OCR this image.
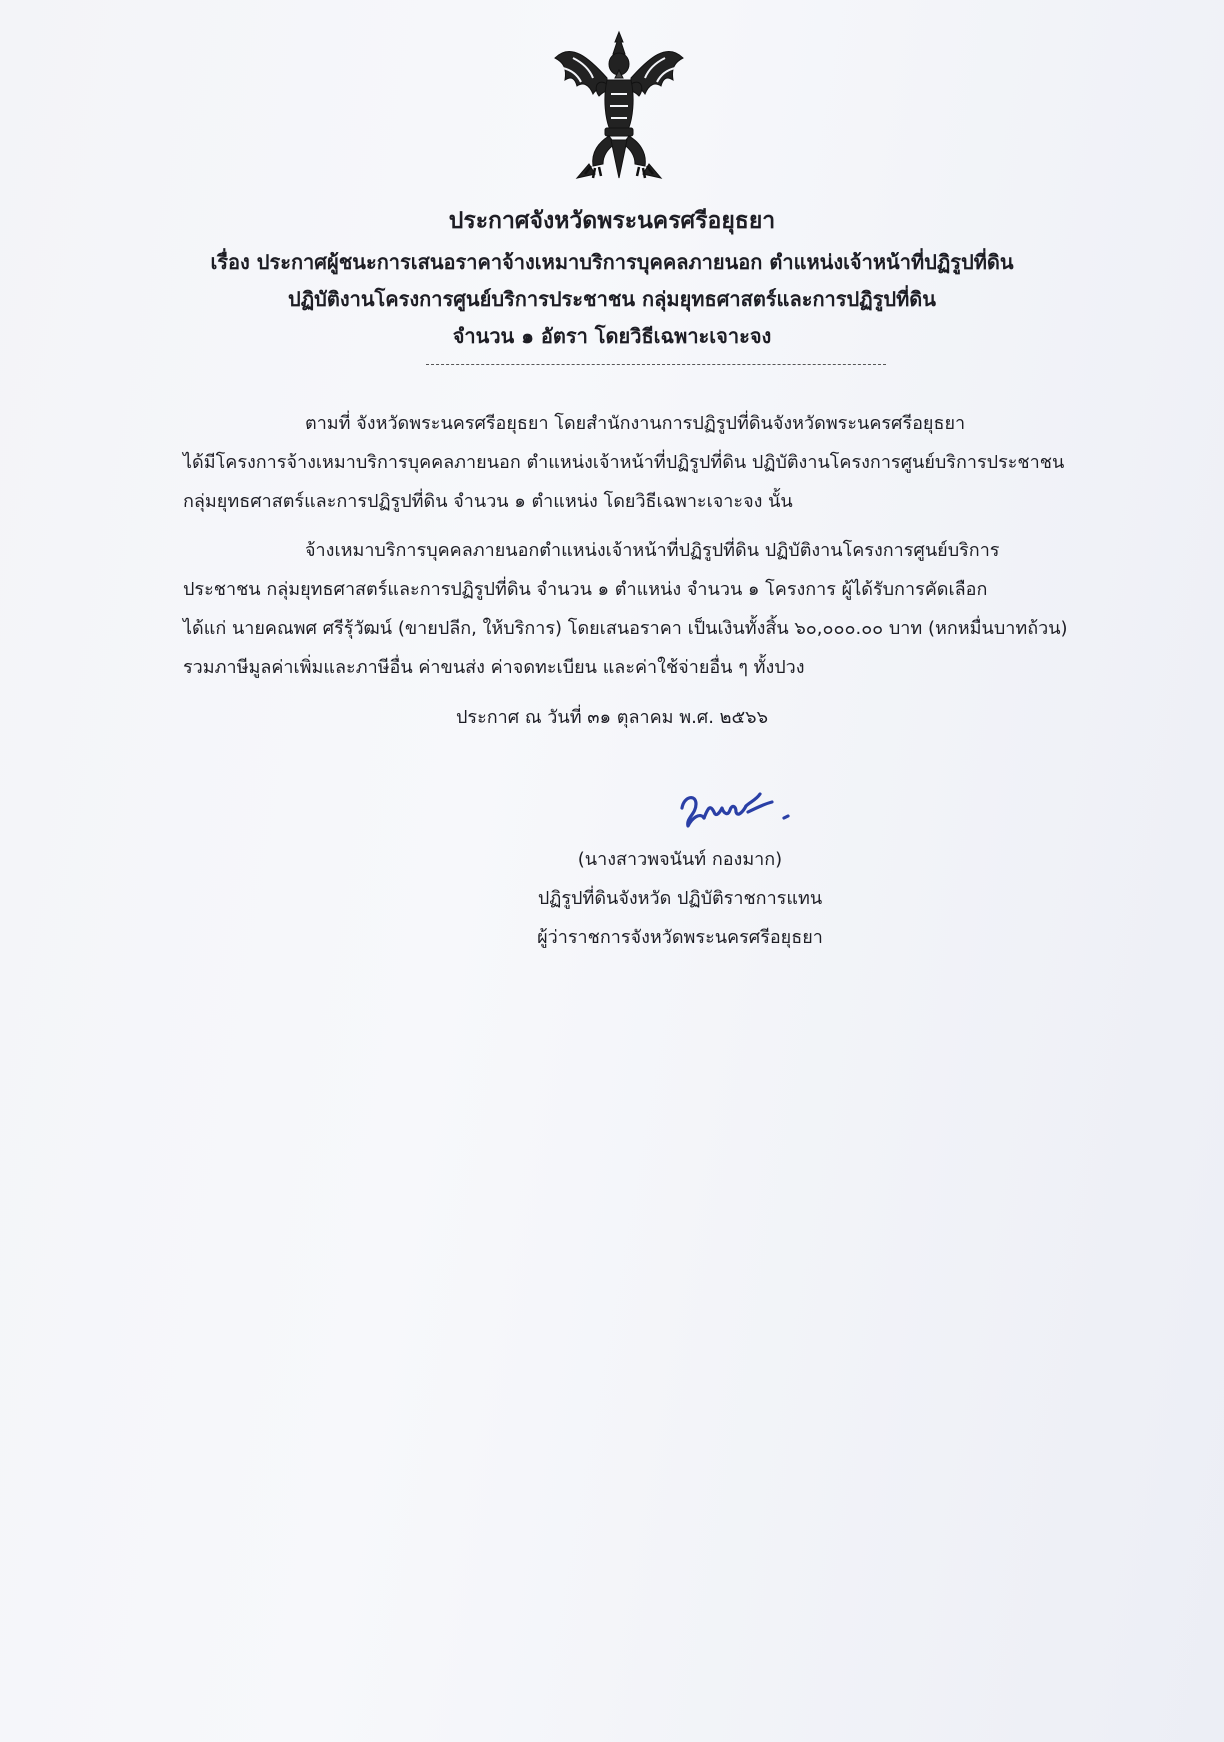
ประกาศจังหวัดพระนครศรีอยุธยา
เรื่อง ประกาศผู้ชนะการเสนอราคาจ้างเหมาบริการบุคคลภายนอก ตำแหน่งเจ้าหน้าที่ปฏิรูปที่ดิน
ปฏิบัติงานโครงการศูนย์บริการประชาชน กลุ่มยุทธศาสตร์และการปฏิรูปที่ดิน
จำนวน ๑ อัตรา โดยวิธีเฉพาะเจาะจง
ตามที่ จังหวัดพระนครศรีอยุธยา โดยสำนักงานการปฏิรูปที่ดินจังหวัดพระนครศรีอยุธยา
ได้มีโครงการจ้างเหมาบริการบุคคลภายนอก ตำแหน่งเจ้าหน้าที่ปฏิรูปที่ดิน ปฏิบัติงานโครงการศูนย์บริการประชาชน
กลุ่มยุทธศาสตร์และการปฏิรูปที่ดิน จำนวน ๑ ตำแหน่ง โดยวิธีเฉพาะเจาะจง นั้น
จ้างเหมาบริการบุคคลภายนอกตำแหน่งเจ้าหน้าที่ปฏิรูปที่ดิน ปฏิบัติงานโครงการศูนย์บริการ
ประชาชน กลุ่มยุทธศาสตร์และการปฏิรูปที่ดิน จำนวน ๑ ตำแหน่ง จำนวน ๑ โครงการ ผู้ได้รับการคัดเลือก
ได้แก่ นายคณพศ ศรีรุ้วัฒน์ (ขายปลีก, ให้บริการ) โดยเสนอราคา เป็นเงินทั้งสิ้น ๖๐,๐๐๐.๐๐ บาท (หกหมื่นบาทถ้วน)
รวมภาษีมูลค่าเพิ่มและภาษีอื่น ค่าขนส่ง ค่าจดทะเบียน และค่าใช้จ่ายอื่น ๆ ทั้งปวง
ประกาศ ณ วันที่ ๓๑ ตุลาคม พ.ศ. ๒๕๖๖
(นางสาวพจนันท์ กองมาก)
ปฏิรูปที่ดินจังหวัด ปฏิบัติราชการแทน
ผู้ว่าราชการจังหวัดพระนครศรีอยุธยา
